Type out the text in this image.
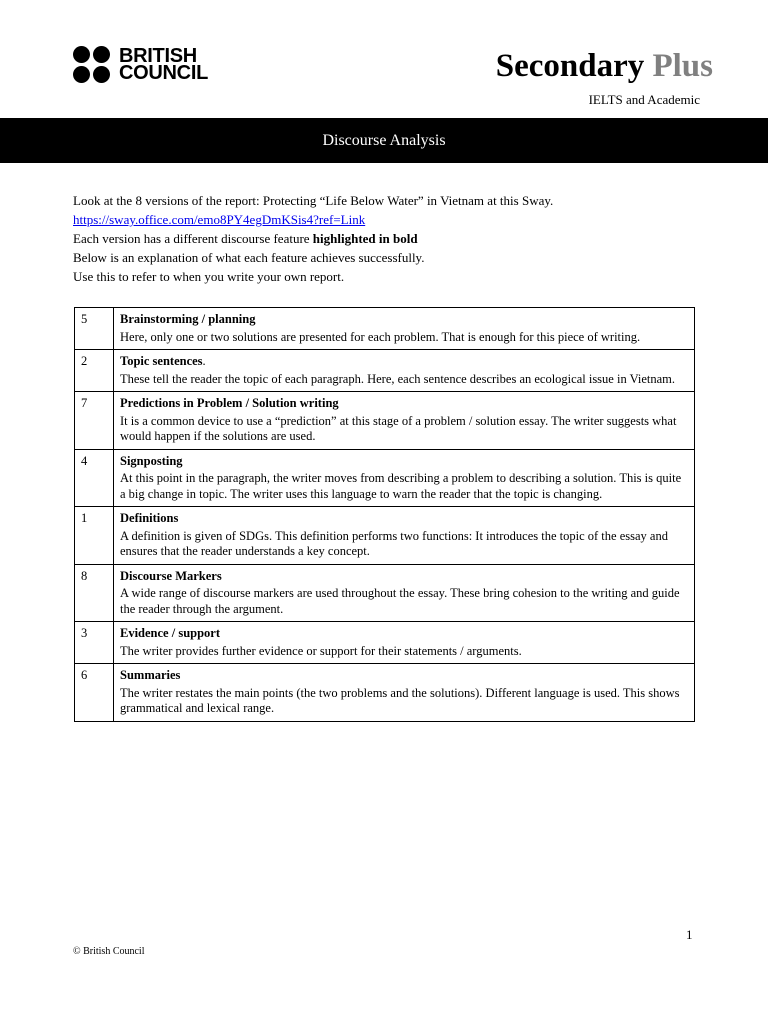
BRITISH
COUNCIL	Secondary Plus
IELTS and Academic
Discourse Analysis

Look at the 8 versions of the report: Protecting “Life Below Water” in Vietnam at this Sway.

https://sway.office.com/emo8PY4egDmKSis4?ref=Link

Each version has a different discourse feature highlighted in bold

Below is an explanation of what each feature achieves successfully.

Use this to refer to when you write your own report.

5	Brainstorming / planning
Here, only one or two solutions are presented for each problem. That is enough for this piece of writing.

2	Topic sentences.
These tell the reader the topic of each paragraph. Here, each sentence describes an ecological issue in Vietnam.

7	Predictions in Problem / Solution writing
It is a common device to use a “prediction” at this stage of a problem / solution essay. The writer suggests what would happen if the solutions are used.

4	Signposting
At this point in the paragraph, the writer moves from describing a problem to describing a solution. This is quite a big change in topic. The writer uses this language to warn the reader that the topic is changing.

1	Definitions
A definition is given of SDGs. This definition performs two functions: It introduces the topic of the essay and ensures that the reader understands a key concept.

8	Discourse Markers
A wide range of discourse markers are used throughout the essay. These bring cohesion to the writing and guide the reader through the argument.

3	Evidence / support
The writer provides further evidence or support for their statements / arguments.

6	Summaries
The writer restates the main points (the two problems and the solutions). Different language is used. This shows grammatical and lexical range.
1
© British Council
